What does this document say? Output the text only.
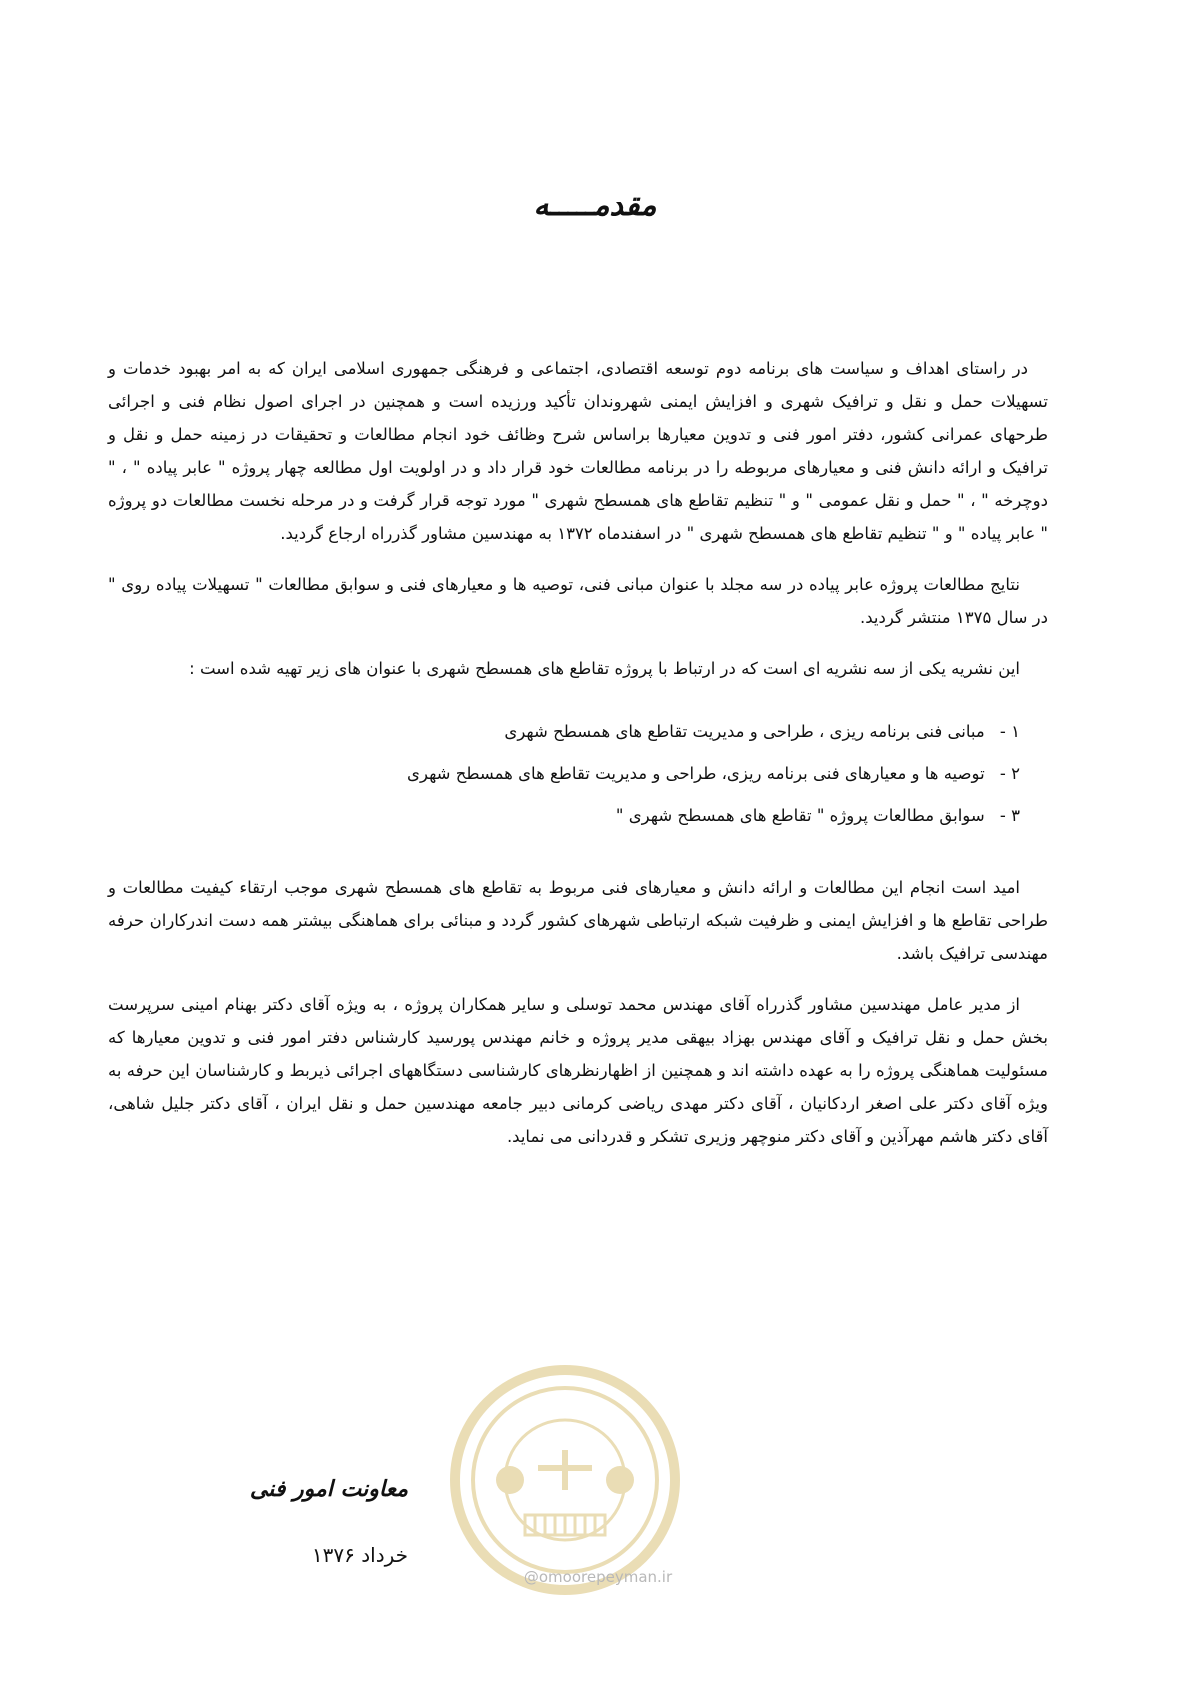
مقدمـــــه

در راستای اهداف و سیاست های برنامه دوم توسعه اقتصادی، اجتماعی و فرهنگی جمهوری اسلامی ایران که به امر بهبود خدمات و تسهیلات حمل و نقل و ترافیک شهری و افزایش ایمنی شهروندان تأکید ورزیده است و همچنین در اجرای اصول نظام فنی و اجرائی طرحهای عمرانی کشور، دفتر امور فنی و تدوین معیارها براساس شرح وظائف خود انجام مطالعات و تحقیقات در زمینه حمل و نقل و ترافیک و ارائه دانش فنی و معیارهای مربوطه را در برنامه مطالعات خود قرار داد و در اولویت اول مطالعه چهار پروژه " عابر پیاده " ، " دوچرخه " ، " حمل و نقل عمومی " و " تنظیم تقاطع های همسطح شهری " مورد توجه قرار گرفت و در مرحله نخست مطالعات دو پروژه " عابر پیاده " و " تنظیم تقاطع های همسطح شهری " در اسفندماه ۱۳۷۲ به مهندسین مشاور گذرراه ارجاع گردید.

نتایج مطالعات پروژه عابر پیاده در سه مجلد با عنوان مبانی فنی، توصیه ها و معیارهای فنی و سوابق مطالعات " تسهیلات پیاده روی " در سال ۱۳۷۵ منتشر گردید.

این نشریه یکی از سه نشریه ای است که در ارتباط با پروژه تقاطع های همسطح شهری با عنوان های زیر تهیه شده است :

۱ - مبانی فنی برنامه ریزی ، طراحی و مدیریت تقاطع های همسطح شهری
۲ - توصیه ها و معیارهای فنی برنامه ریزی، طراحی و مدیریت تقاطع های همسطح شهری
۳ - سوابق مطالعات پروژه " تقاطع های همسطح شهری "

امید است انجام این مطالعات و ارائه دانش و معیارهای فنی مربوط به تقاطع های همسطح شهری موجب ارتقاء کیفیت مطالعات و طراحی تقاطع ها و افزایش ایمنی و ظرفیت شبکه ارتباطی شهرهای کشور گردد و مبنائی برای هماهنگی بیشتر همه دست اندرکاران حرفه مهندسی ترافیک باشد.

از مدیر عامل مهندسین مشاور گذرراه آقای مهندس محمد توسلی و سایر همکاران پروژه ، به ویژه آقای دکتر بهنام امینی سرپرست بخش حمل و نقل ترافیک و آقای مهندس بهزاد بیهقی مدیر پروژه و خانم مهندس پورسید کارشناس دفتر امور فنی و تدوین معیارها که مسئولیت هماهنگی پروژه را به عهده داشته اند و همچنین از اظهارنظرهای کارشناسی دستگاههای اجرائی ذیربط و کارشناسان این حرفه به ویژه آقای دکتر علی اصغر اردکانیان ، آقای دکتر مهدی ریاضی کرمانی دبیر جامعه مهندسین حمل و نقل ایران ، آقای دکتر جلیل شاهی، آقای دکتر هاشم مهرآذین و آقای دکتر منوچهر وزیری تشکر و قدردانی می نماید.

معاونت امور فنی
خرداد ۱۳۷۶
@omoorepeyman.ir
